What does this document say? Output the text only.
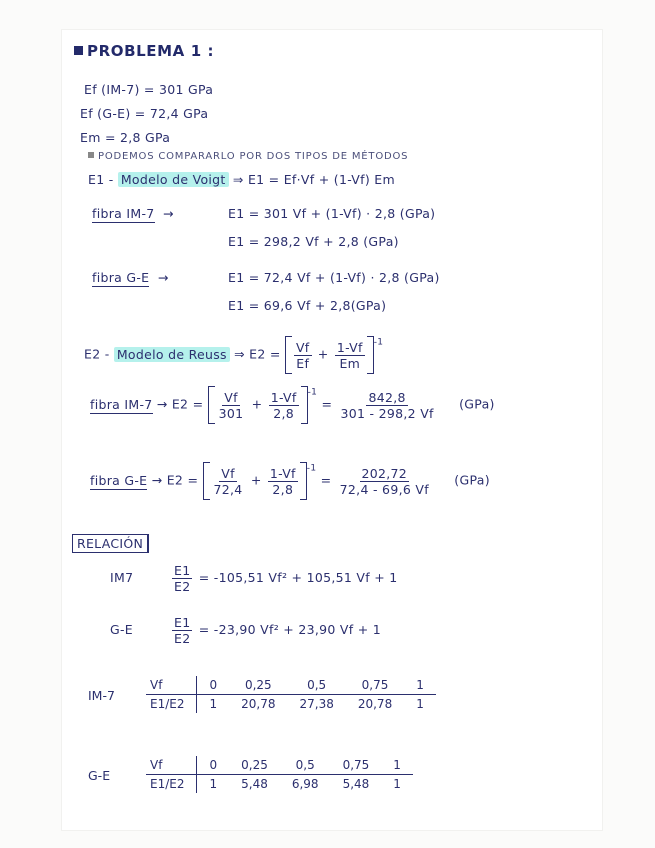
PROBLEMA 1 :
Ef (IM-7) = 301 GPa
Ef (G-E) = 72,4 GPa
Em = 2,8 GPa
PODEMOS COMPARARLO POR DOS TIPOS DE MÉTODOS
E1 - Modelo de Voigt ⇒ E1 = Ef·Vf + (1-Vf) Em
fibra IM-7  →	E1 = 301 Vf + (1-Vf) · 2,8 (GPa)
E1 = 298,2 Vf + 2,8 (GPa)
fibra G-E  →	E1 = 72,4 Vf + (1-Vf) · 2,8 (GPa)
E1 = 69,6 Vf + 2,8(GPa)
E2 - Modelo de Reuss ⇒ $E2 = \frac{Vf}{Ef} + \frac{1-Vf}{Em} ^{-1}$
fibra $IM-7 \to E2 = \frac{Vf}{301} + \frac{1-Vf}{2,8} ^{-1} = \frac{842,8}{301 - 298,2 Vf} (GPa)$
fibra $G-E \to E2 = \frac{Vf}{72,4} + \frac{1-Vf}{2,8} ^{-1} = \frac{202,72}{72,4 - 69,6 Vf} (GPa)$
RELACIÓN
IM7	$\frac{E1}{E2} = -105,51$ Vf² + 105,51 Vf + 1
G-E	$\frac{E1}{E2} = -23,90$ Vf² + 23,90 Vf + 1
IM-7
Vf	0	0,25	0,5	0,75	1
E1/E2	1	20,78	27,38	20,78	1
G-E
Vf	0	0,25	0,5	0,75	1
E1/E2	1	5,48	6,98	5,48	1
